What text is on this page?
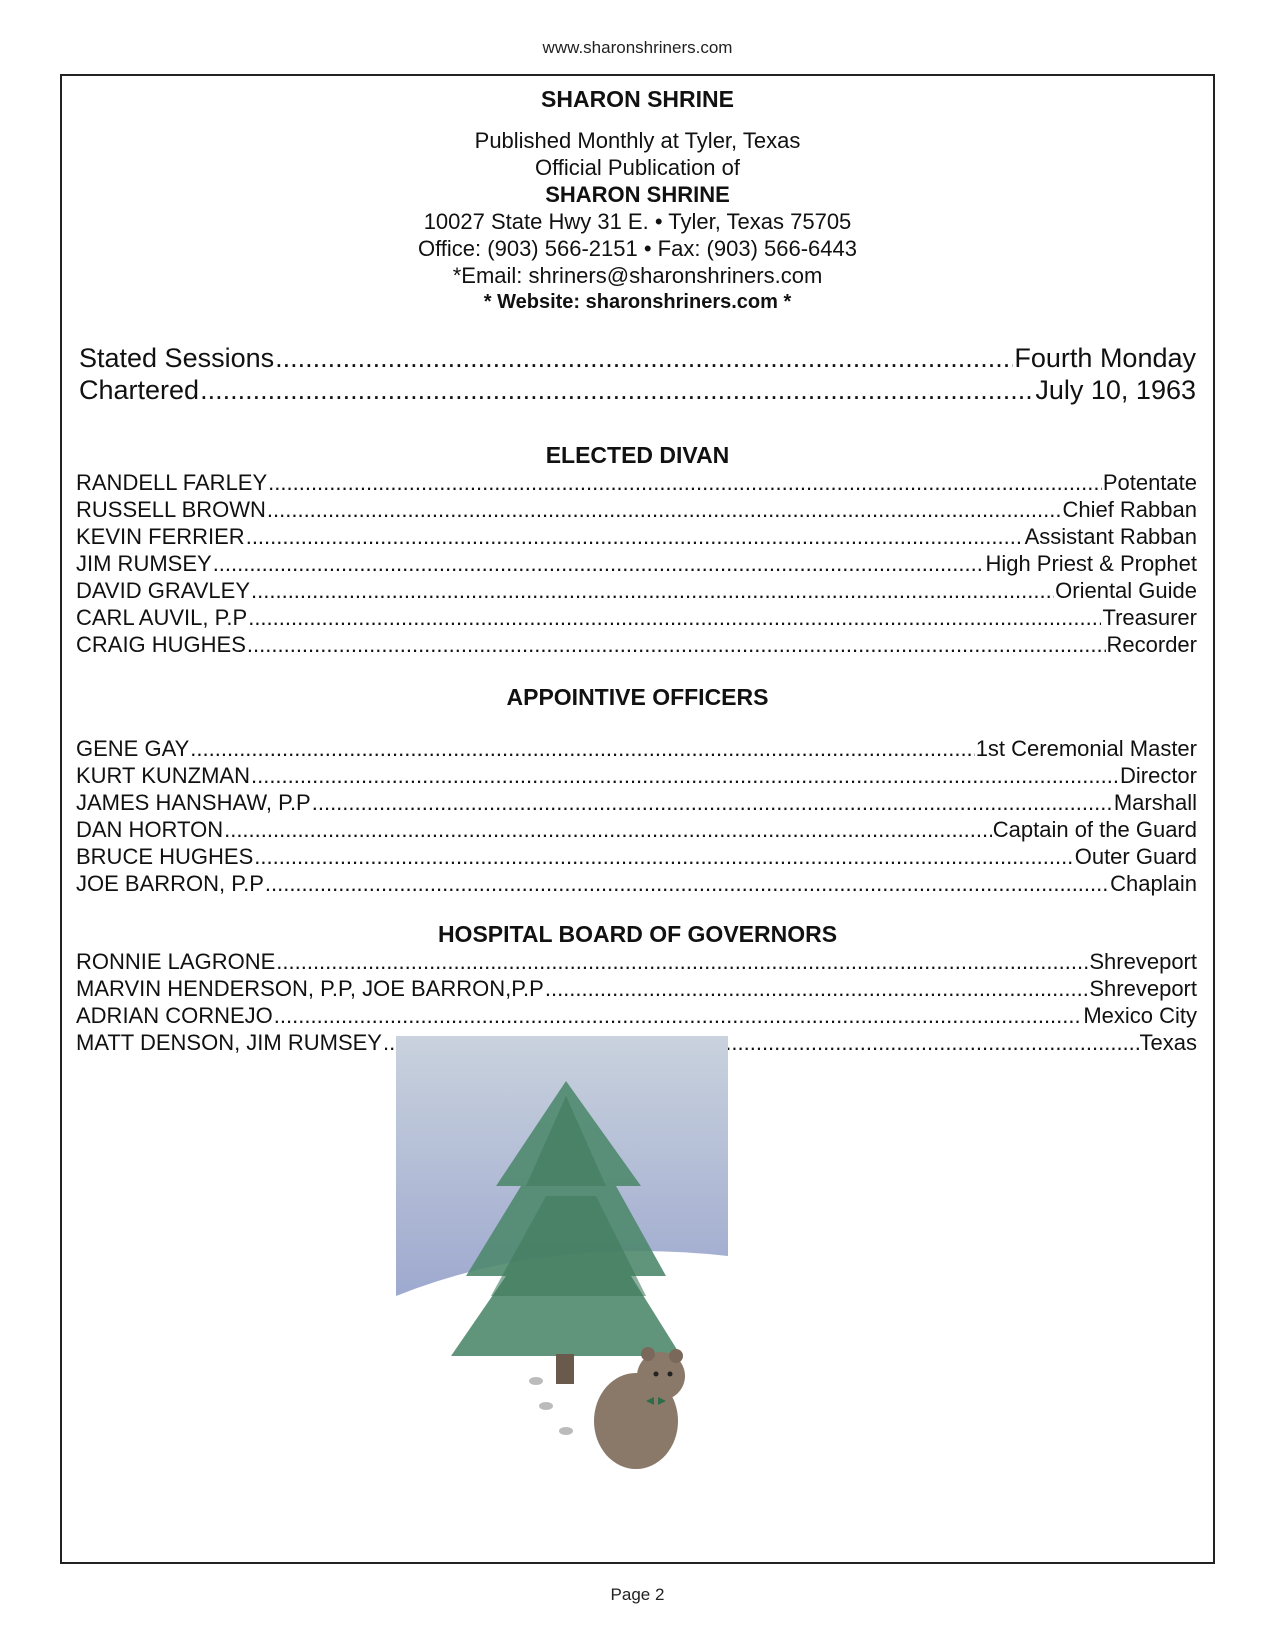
www.sharonshriners.com
SHARON SHRINE
Published Monthly at Tyler, Texas
Official Publication of
SHARON SHRINE
10027 State Hwy 31 E. • Tyler, Texas 75705
Office: (903) 566-2151 • Fax: (903) 566-6443
*Email: shriners@sharonshriners.com
* Website: sharonshriners.com *
Stated Sessions .....	Fourth Monday
Chartered .....	July 10, 1963
ELECTED DIVAN
RANDELL FARLEY .....	Potentate
RUSSELL BROWN .....	Chief Rabban
KEVIN FERRIER .....	Assistant Rabban
JIM RUMSEY .....	High Priest & Prophet
DAVID GRAVLEY .....	Oriental Guide
CARL AUVIL, P.P .....	Treasurer
CRAIG HUGHES .....	Recorder
APPOINTIVE OFFICERS
GENE GAY .....	1st Ceremonial Master
KURT KUNZMAN .....	Director
JAMES HANSHAW, P.P .....	Marshall
DAN HORTON .....	Captain of the Guard
BRUCE HUGHES .....	Outer Guard
JOE BARRON, P.P .....	Chaplain
HOSPITAL BOARD OF GOVERNORS
RONNIE LAGRONE .....	Shreveport
MARVIN HENDERSON, P.P, JOE BARRON,P.P .....	Shreveport
ADRIAN CORNEJO .....	Mexico City
MATT DENSON, JIM RUMSEY .....	Texas
Page 2
